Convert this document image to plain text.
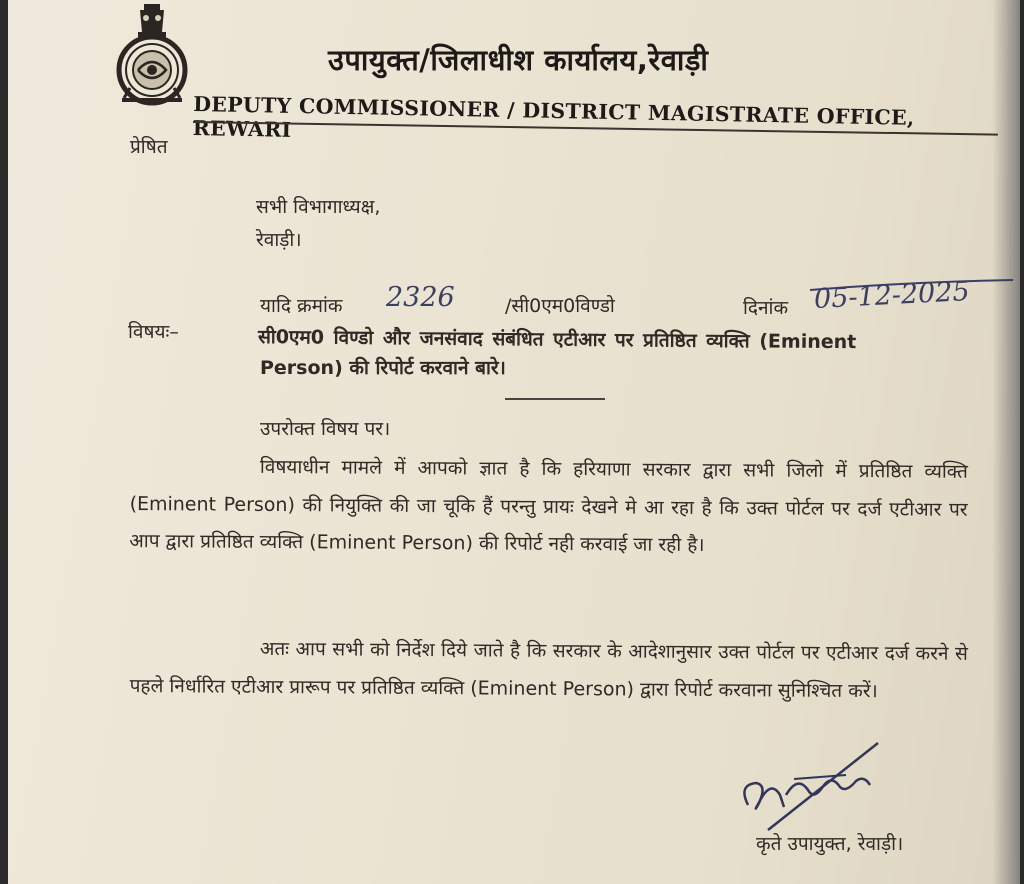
उपायुक्त/जिलाधीश कार्यालय,रेवाड़ी
DEPUTY COMMISSIONER / DISTRICT MAGISTRATE OFFICE, REWARI
प्रेषित
सभी विभागाध्यक्ष,
रेवाड़ी।
यादि क्रमांक 2326	/सी0एम0विण्डो	दिनांक 05-12-2025
विषयः–	सी0एम0 विण्डो और जनसंवाद संबंधित एटीआर पर प्रतिष्ठित व्यक्ति (Eminent
Person) की रिपोर्ट करवाने बारे।
उपरोक्त विषय पर।
विषयाधीन मामले में आपको ज्ञात है कि हरियाणा सरकार द्वारा सभी जिलो में प्रतिष्ठित व्यक्ति (Eminent Person) की नियुक्ति की जा चूकि हैं परन्तु प्रायः देखने मे आ रहा है कि उक्त पोर्टल पर दर्ज एटीआर पर आप द्वारा प्रतिष्ठित व्यक्ति (Eminent Person) की रिपोर्ट नही करवाई जा रही है।
अतः आप सभी को निर्देश दिये जाते है कि सरकार के आदेशानुसार उक्त पोर्टल पर एटीआर दर्ज करने से पहले निर्धारित एटीआर प्रारूप पर प्रतिष्ठित व्यक्ति (Eminent Person) द्वारा रिपोर्ट करवाना सुनिश्चित करें।
कृते उपायुक्त, रेवाड़ी।
